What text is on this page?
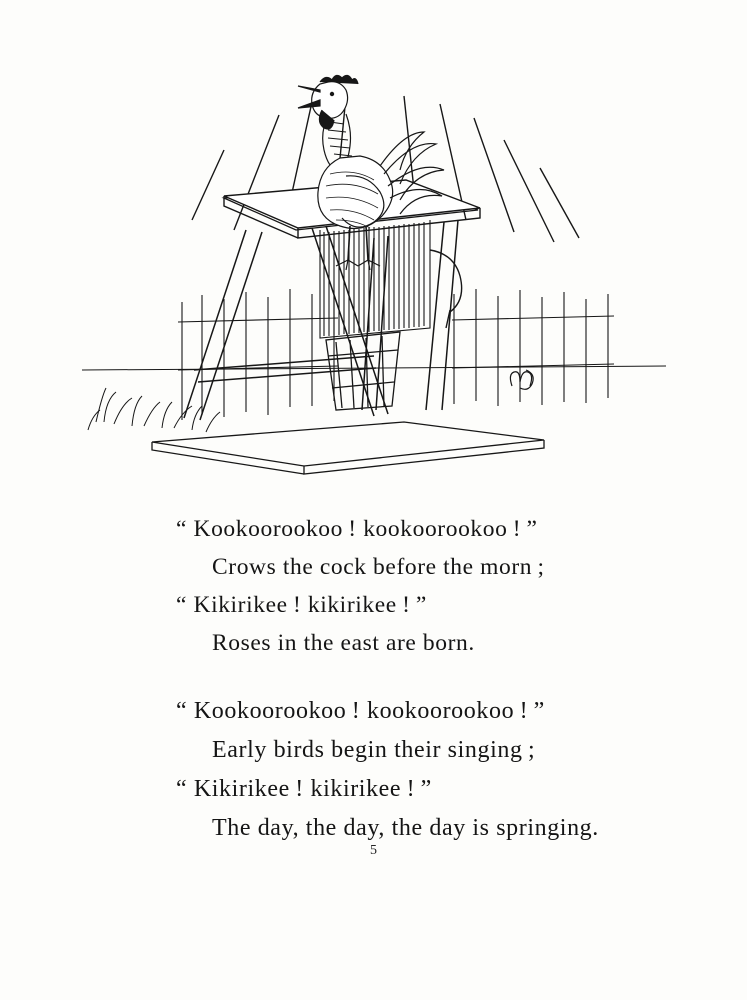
“ Kookoorookoo ! kookoorookoo ! ”
Crows the cock before the morn ;
“ Kikirikee ! kikirikee ! ”
Roses in the east are born.
“ Kookoorookoo ! kookoorookoo ! ”
Early birds begin their singing ;
“ Kikirikee ! kikirikee ! ”
The day, the day, the day is springing.
5
